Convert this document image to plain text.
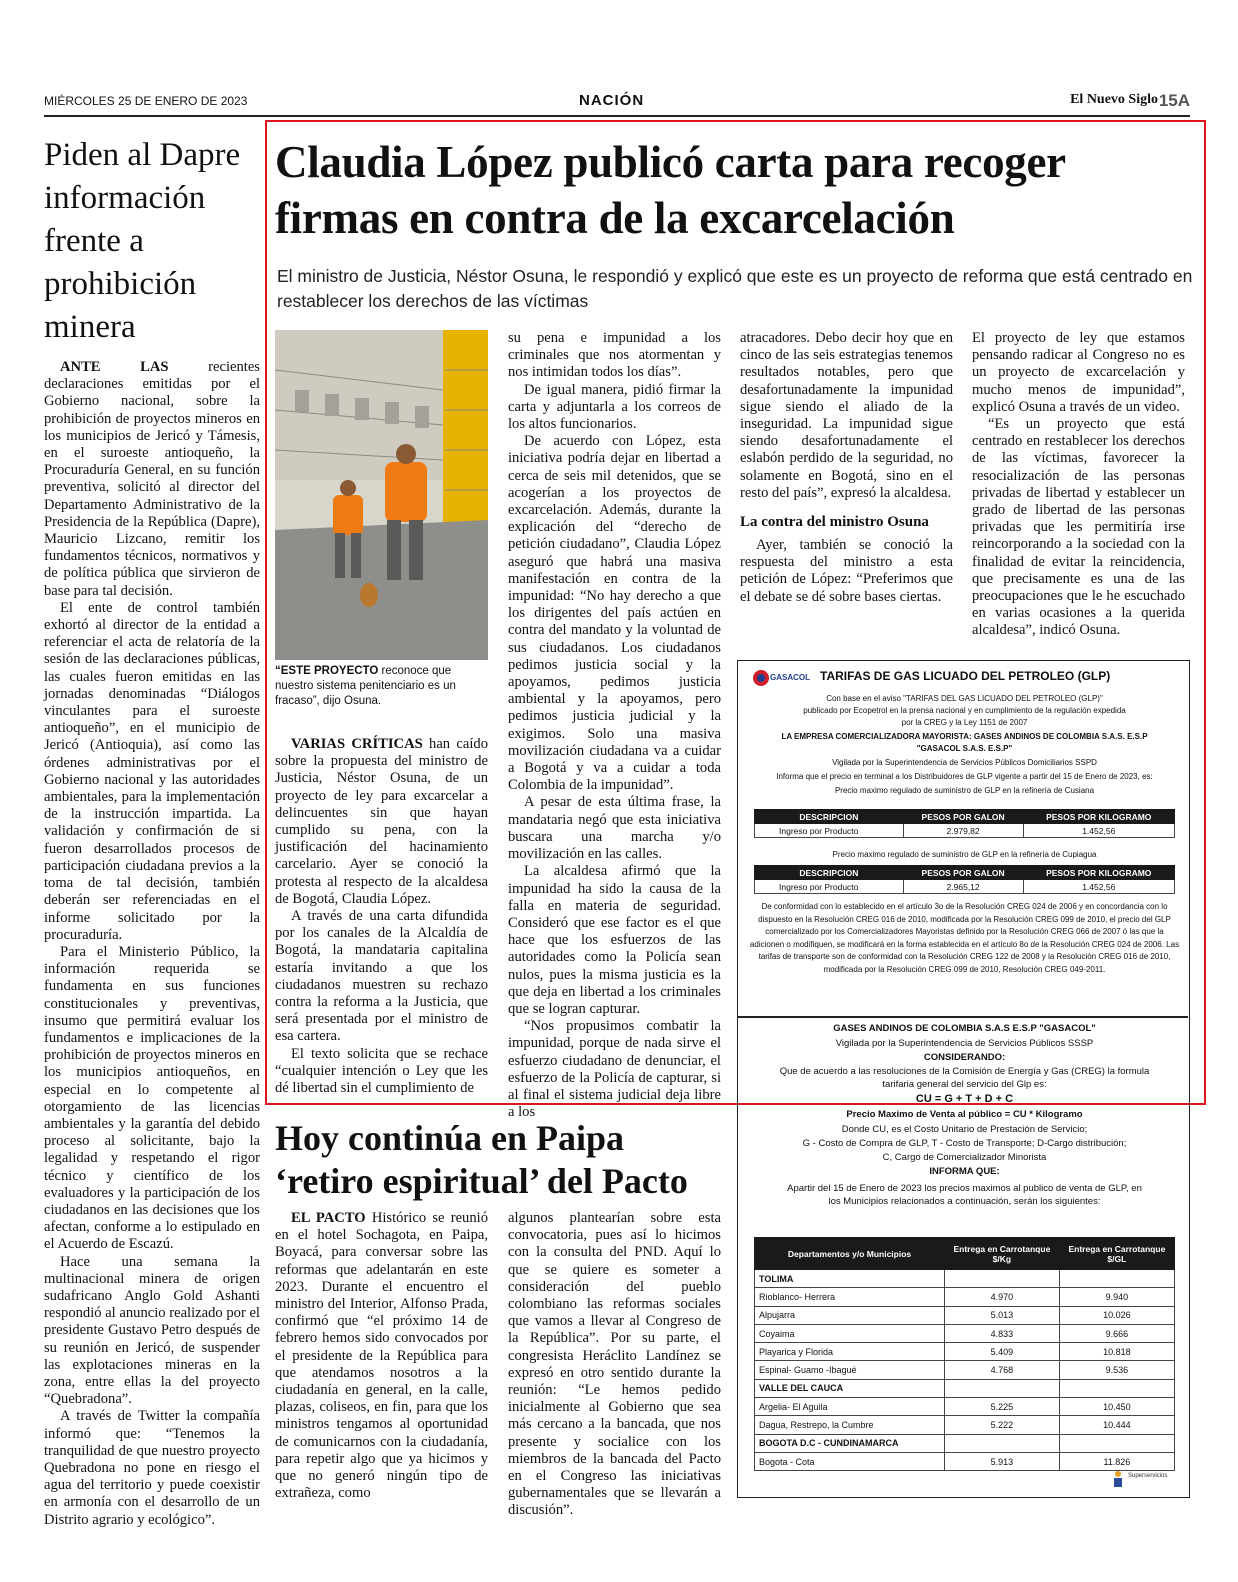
MIÉRCOLES 25 DE ENERO DE 2023	NACIÓN	El Nuevo Siglo 15A
Piden al Dapre información frente a prohibición minera

ANTE LAS recientes declaraciones emitidas por el Gobierno nacional, sobre la prohibición de proyectos mineros en los municipios de Jericó y Támesis, en el suroeste antioqueño, la Procuraduría General, en su función preventiva, solicitó al director del Departamento Administrativo de la Presidencia de la República (Dapre), Mauricio Lizcano, remitir los fundamentos técnicos, normativos y de política pública que sirvieron de base para tal decisión.

El ente de control también exhortó al director de la entidad a referenciar el acta de relatoría de la sesión de las declaraciones públicas, las cuales fueron emitidas en las jornadas denominadas “Diálogos vinculantes para el suroeste antioqueño”, en el municipio de Jericó (Antioquia), así como las órdenes administrativas por el Gobierno nacional y las autoridades ambientales, para la implementación de la instrucción impartida. La validación y confirmación de si fueron desarrollados procesos de participación ciudadana previos a la toma de tal decisión, también deberán ser referenciadas en el informe solicitado por la procuraduría.

Para el Ministerio Público, la información requerida se fundamenta en sus funciones constitucionales y preventivas, insumo que permitirá evaluar los fundamentos e implicaciones de la prohibición de proyectos mineros en los municipios antioqueños, en especial en lo competente al otorgamiento de las licencias ambientales y la garantía del debido proceso al solicitante, bajo la legalidad y respetando el rigor técnico y científico de los evaluadores y la participación de los ciudadanos en las decisiones que los afectan, conforme a lo estipulado en el Acuerdo de Escazú.

Hace una semana la multinacional minera de origen sudafricano Anglo Gold Ashanti respondió al anuncio realizado por el presidente Gustavo Petro después de su reunión en Jericó, de suspender las explotaciones mineras en la zona, entre ellas la del proyecto “Quebradona”.

A través de Twitter la compañía informó que: “Tenemos la tranquilidad de que nuestro proyecto Quebradona no pone en riesgo el agua del territorio y puede coexistir en armonía con el desarrollo de un Distrito agrario y ecológico”.

Claudia López publicó carta para recoger firmas en contra de la excarcelación
El ministro de Justicia, Néstor Osuna, le respondió y explicó que este es un proyecto de reforma que está centrado en restablecer los derechos de las víctimas
“ESTE PROYECTO reconoce que nuestro sistema penitenciario es un fracaso”, dijo Osuna.

VARIAS CRÍTICAS han caído sobre la propuesta del ministro de Justicia, Néstor Osuna, de un proyecto de ley para excarcelar a delincuentes sin que hayan cumplido su pena, con la justificación del hacinamiento carcelario. Ayer se conoció la protesta al respecto de la alcaldesa de Bogotá, Claudia López.

A través de una carta difundida por los canales de la Alcaldía de Bogotá, la mandataria capitalina estaría invitando a que los ciudadanos muestren su rechazo contra la reforma a la Justicia, que será presentada por el ministro de esa cartera.

El texto solicita que se rechace “cualquier intención o Ley que les dé libertad sin el cumplimiento de

su pena e impunidad a los criminales que nos atormentan y nos intimidan todos los días”.

De igual manera, pidió firmar la carta y adjuntarla a los correos de los altos funcionarios.

De acuerdo con López, esta iniciativa podría dejar en libertad a cerca de seis mil detenidos, que se acogerían a los proyectos de excarcelación. Además, durante la explicación del “derecho de petición ciudadano”, Claudia López aseguró que habrá una masiva manifestación en contra de la impunidad: “No hay derecho a que los dirigentes del país actúen en contra del mandato y la voluntad de sus ciudadanos. Los ciudadanos pedimos justicia social y la apoyamos, pedimos justicia ambiental y la apoyamos, pero pedimos justicia judicial y la exigimos. Solo una masiva movilización ciudadana va a cuidar a Bogotá y va a cuidar a toda Colombia de la impunidad”.

A pesar de esta última frase, la mandataria negó que esta iniciativa buscara una marcha y/o movilización en las calles.

La alcaldesa afirmó que la impunidad ha sido la causa de la falla en materia de seguridad. Consideró que ese factor es el que hace que los esfuerzos de las autoridades como la Policía sean nulos, pues la misma justicia es la que deja en libertad a los criminales que se logran capturar.

“Nos propusimos combatir la impunidad, porque de nada sirve el esfuerzo ciudadano de denunciar, el esfuerzo de la Policía de capturar, si al final el sistema judicial deja libre a los

atracadores. Debo decir hoy que en cinco de las seis estrategias tenemos resultados notables, pero que desafortunadamente la impunidad sigue siendo el aliado de la inseguridad. La impunidad sigue siendo desafortunadamente el eslabón perdido de la seguridad, no solamente en Bogotá, sino en el resto del país”, expresó la alcaldesa.

La contra del ministro Osuna

Ayer, también se conoció la respuesta del ministro a esta petición de López: “Preferimos que el debate se dé sobre bases ciertas.

El proyecto de ley que estamos pensando radicar al Congreso no es un proyecto de excarcelación y mucho menos de impunidad”, explicó Osuna a través de un video.

“Es un proyecto que está centrado en restablecer los derechos de las víctimas, favorecer la resocialización de las personas privadas de libertad y establecer un grado de libertad de las personas privadas que les permitiría irse reincorporando a la sociedad con la finalidad de evitar la reincidencia, que precisamente es una de las preocupaciones que le he escuchado en varias ocasiones a la querida alcaldesa”, indicó Osuna.

GASACOL TARIFAS DE GAS LICUADO DEL PETROLEO (GLP)
Con base en el aviso "TARIFAS DEL GAS LICUADO DEL PETROLEO (GLP)"
publicado por Ecopetrol en la prensa nacional y en cumplimiento de la regulación expedida
por la CREG y la Ley 1151 de 2007
LA EMPRESA COMERCIALIZADORA MAYORISTA: GASES ANDINOS DE COLOMBIA S.A.S. E.S.P
"GASACOL S.A.S. E.S.P"
Vigilada por la Superintendencia de Servicios Públicos Domiciliarios SSPD
Informa que el precio en terminal a los Distribuidores de GLP vigente a partir del 15 de Enero de 2023, es:
Precio maximo regulado de suministro de GLP en la refinería de Cusiana
DESCRIPCION	PESOS POR GALON	PESOS POR KILOGRAMO
Ingreso por Producto	2.979,82	1.452,56
Precio maximo regulado de suministro de GLP en la refinería de Cupiagua
DESCRIPCION	PESOS POR GALON	PESOS POR KILOGRAMO
Ingreso por Producto	2.965,12	1.452,56
De conformidad con lo establecido en el artículo 3o de la Resolución CREG 024 de 2006 y en concordancia con lo dispuesto en la Resolución CREG 016 de 2010, modificada por la Resolución CREG 099 de 2010, el precio del GLP comercializado por los Comercializadores Mayoristas definido por la Resolución CREG 066 de 2007 ó las que la adicionen o modifiquen, se modificará en la forma establecida en el artículo 8o de la Resolución CREG 024 de 2006. Las tarifas de transporte son de conformidad con la Resolución CREG 122 de 2008 y la Resolución CREG 016 de 2010, modificada por la Resolución CREG 099 de 2010, Resolución CREG 049-2011.
GASES ANDINOS DE COLOMBIA S.A.S E.S.P "GASACOL"
Vigilada por la Superintendencia de Servicios Públicos SSSP
CONSIDERANDO:
Que de acuerdo a las resoluciones de la Comisión de Energía y Gas (CREG) la formula
tarifaria general del servicio del Glp es:
CU = G + T + D + C
Precio Maximo de Venta al público = CU * Kilogramo
Donde CU, es el Costo Unitario de Prestación de Servicio;
G - Costo de Compra de GLP, T - Costo de Transporte; D-Cargo distribución;
C, Cargo de Comercializador Minorista
INFORMA QUE:
Apartir del 15 de Enero de 2023 los precios maximos al publico de venta de GLP, en
los Municipios relacionados a continuación, serán los siguientes:
Departamentos y/o Municipios	Entrega en Carrotanque $/Kg	Entrega en Carrotanque $/GL
TOLIMA		
Rioblanco- Herrera	4.970	9.940
Alpujarra	5.013	10.026
Coyaima	4.833	9.666
Playarica y Florida	5.409	10.818
Espinal- Guamo -Ibagué	4.768	9.536
VALLE DEL CAUCA		
Argelia- El Aguila	5.225	10.450
Dagua, Restrepo, la Cumbre	5.222	10.444
BOGOTA D.C - CUNDINAMARCA		
Bogota - Cota	5.913	11.826
Superservicios
Hoy continúa en Paipa ‘retiro espiritual’ del Pacto

EL PACTO Histórico se reunió en el hotel Sochagota, en Paipa, Boyacá, para conversar sobre las reformas que adelantarán en este 2023. Durante el encuentro el ministro del Interior, Alfonso Prada, confirmó que “el próximo 14 de febrero hemos sido convocados por el presidente de la República para que atendamos nosotros a la ciudadanía en general, en la calle, plazas, coliseos, en fin, para que los ministros tengamos al oportunidad de comunicarnos con la ciudadanía, para repetir algo que ya hicimos y que no generó ningún tipo de extrañeza, como

algunos plantearían sobre esta convocatoria, pues así lo hicimos con la consulta del PND. Aquí lo que se quiere es someter a consideración del pueblo colombiano las reformas sociales que vamos a llevar al Congreso de la República”. Por su parte, el congresista Heráclito Landínez se expresó en otro sentido durante la reunión: “Le hemos pedido inicialmente al Gobierno que sea más cercano a la bancada, que nos presente y socialice con los miembros de la bancada del Pacto en el Congreso las iniciativas gubernamentales que se llevarán a discusión”.
